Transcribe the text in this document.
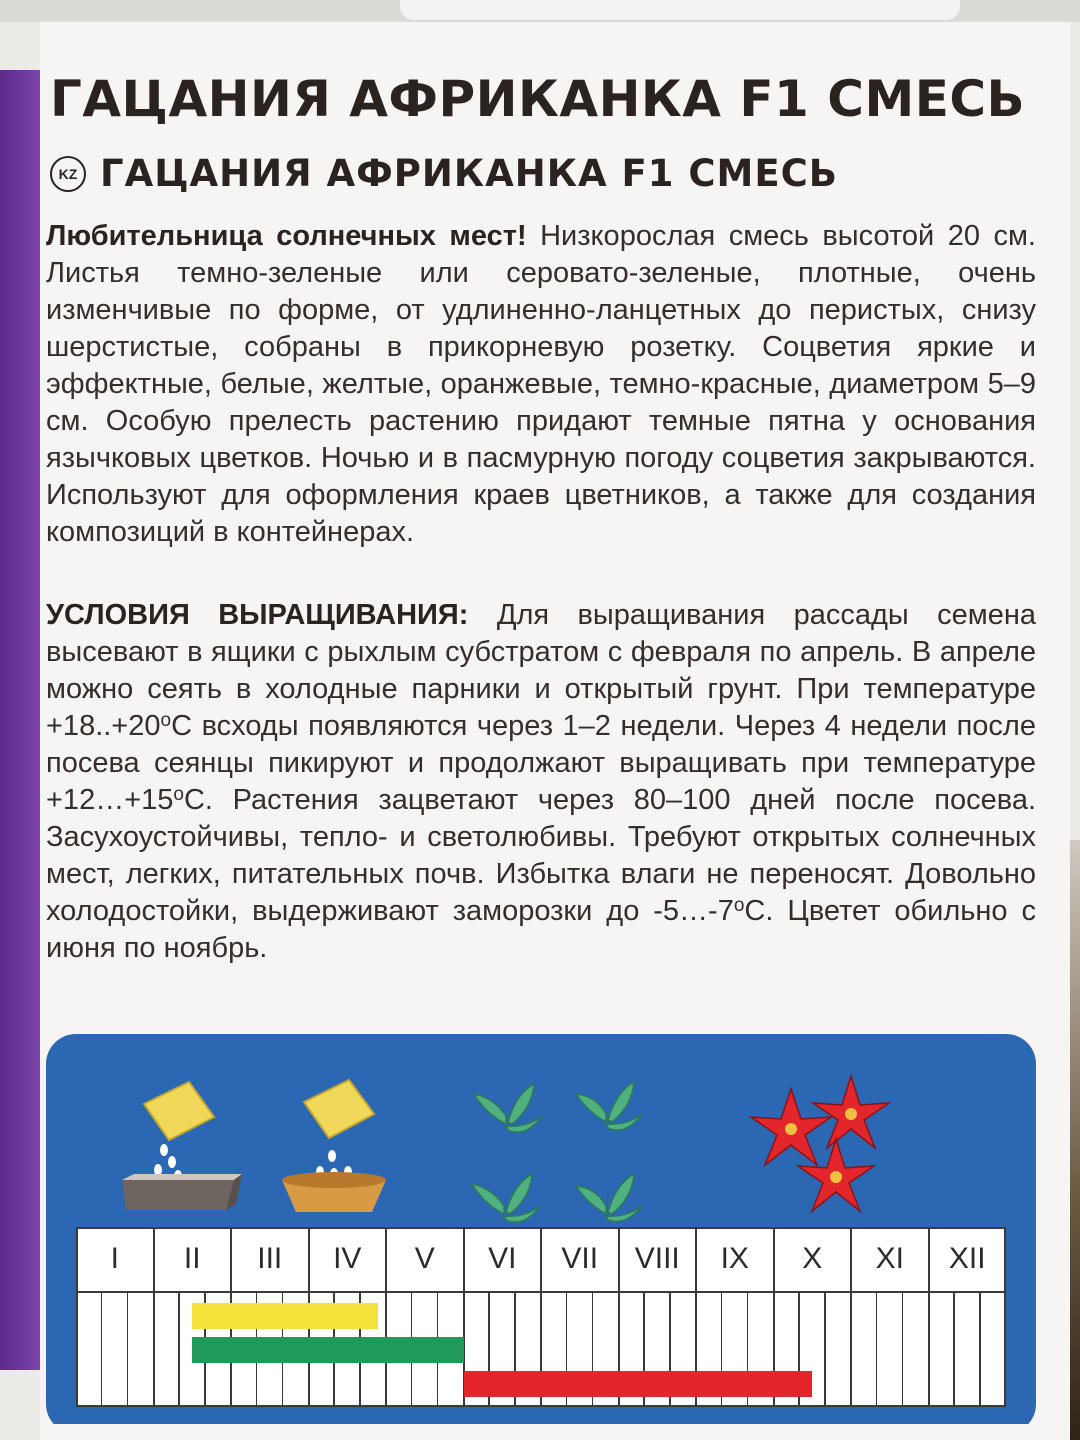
ГАЦАНИЯ АФРИКАНКА F1 СМЕСЬ
KZ ГАЦАНИЯ АФРИКАНКА F1 СМЕСЬ

Любительница солнечных мест! Низкорослая смесь высотой 20 см. Листья темно-зеленые или серовато-зеленые, плотные, очень изменчивые по форме, от удлиненно-ланцетных до перистых, снизу шерстистые, собраны в прикорневую розетку. Соцветия яркие и эффектные, белые, желтые, оранжевые, темно-красные, диаметром 5–9 см. Особую прелесть растению придают темные пятна у основания язычковых цветков. Ночью и в пасмурную погоду соцветия закрываются. Используют для оформления краев цветников, а также для создания композиций в контейнерах.

УСЛОВИЯ ВЫРАЩИВАНИЯ: Для выращивания рассады семена высевают в ящики с рыхлым субстратом с февраля по апрель. В апреле можно сеять в холодные парники и открытый грунт. При температуре $+18..+20^оС$ всходы появляются через 1–2 недели. Через 4 недели после посева сеянцы пикируют и продолжают выращивать при температуре $+12\dots+15^оС$. Растения зацветают через 80–100 дней после посева. Засухоустойчивы, тепло- и светолюбивы. Требуют открытых солнечных мест, легких, питательных почв. Избытка влаги не переносят. Довольно холодостойки, выдерживают заморозки до $-5\dots-7^оС$. Цветет обильно с июня по ноябрь.

I	II	III	IV	V	VI	VII	VIII	IX	X	XI	XII
